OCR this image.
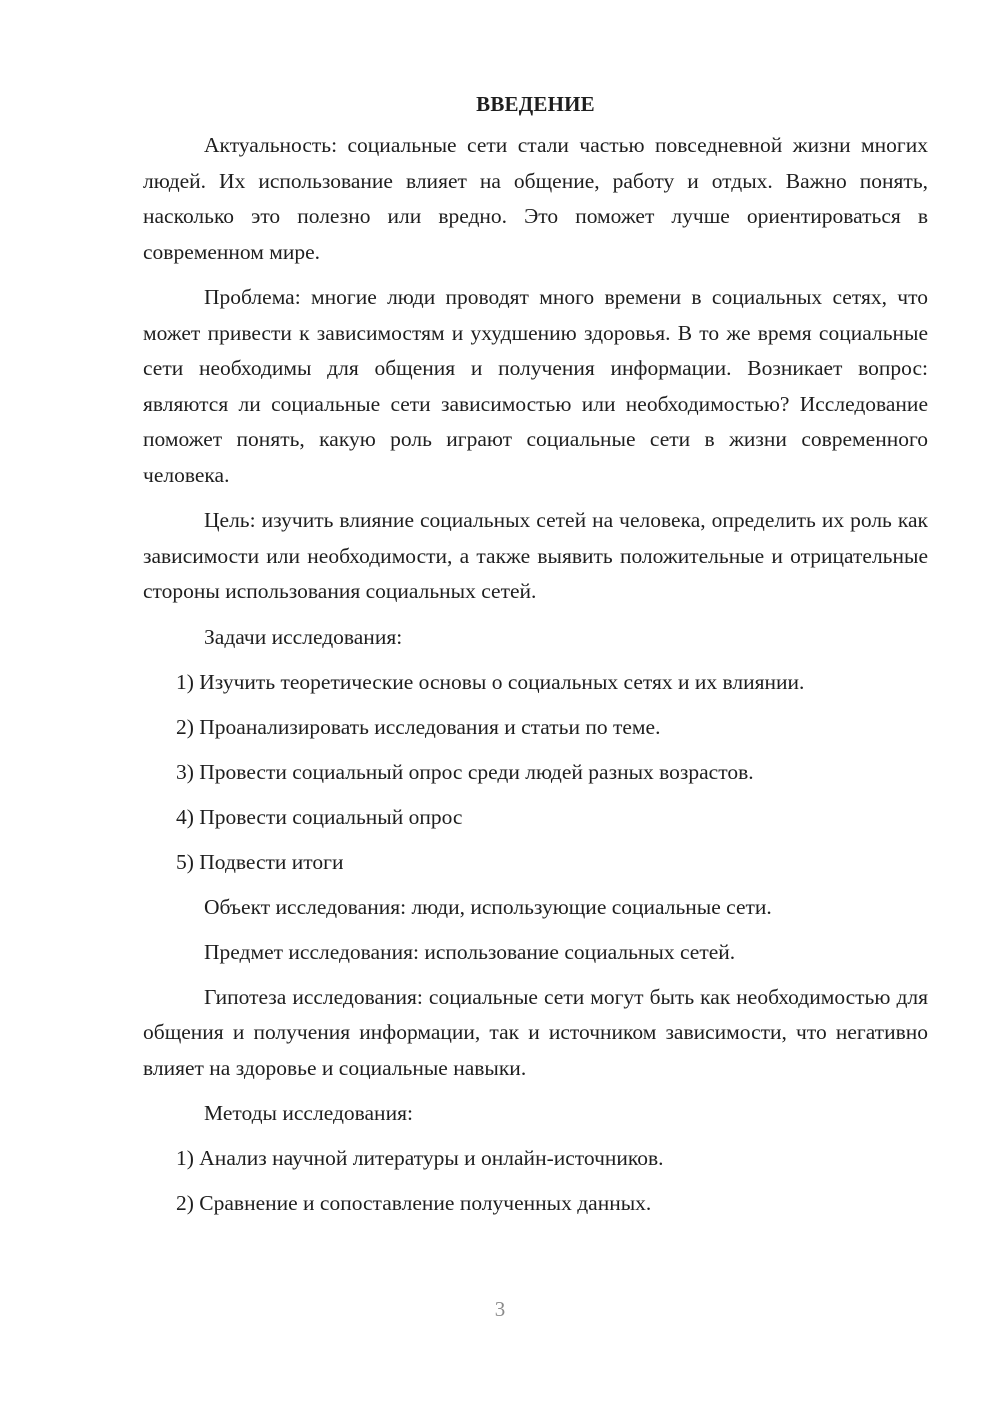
ВВЕДЕНИЕ

Актуальность: социальные сети стали частью повседневной жизни многих людей. Их использование влияет на общение, работу и отдых. Важно понять, насколько это полезно или вредно. Это поможет лучше ориентироваться в современном мире.

Проблема: многие люди проводят много времени в социальных сетях, что может привести к зависимостям и ухудшению здоровья. В то же время социальные сети необходимы для общения и получения информации. Возникает вопрос: являются ли социальные сети зависимостью или необходимостью? Исследование поможет понять, какую роль играют социальные сети в жизни современного человека.

Цель: изучить влияние социальных сетей на человека, определить их роль как зависимости или необходимости, а также выявить положительные и отрицательные стороны использования социальных сетей.

Задачи исследования:
1) Изучить теоретические основы о социальных сетях и их влиянии.
2) Проанализировать исследования и статьи по теме.
3) Провести социальный опрос среди людей разных возрастов.
4) Провести социальный опрос
5) Подвести итоги
Объект исследования: люди, использующие социальные сети.
Предмет исследования: использование социальных сетей.

Гипотеза исследования: социальные сети могут быть как необходимостью для общения и получения информации, так и источником зависимости, что негативно влияет на здоровье и социальные навыки.

Методы исследования:
1) Анализ научной литературы и онлайн-источников.
2) Сравнение и сопоставление полученных данных.
3
